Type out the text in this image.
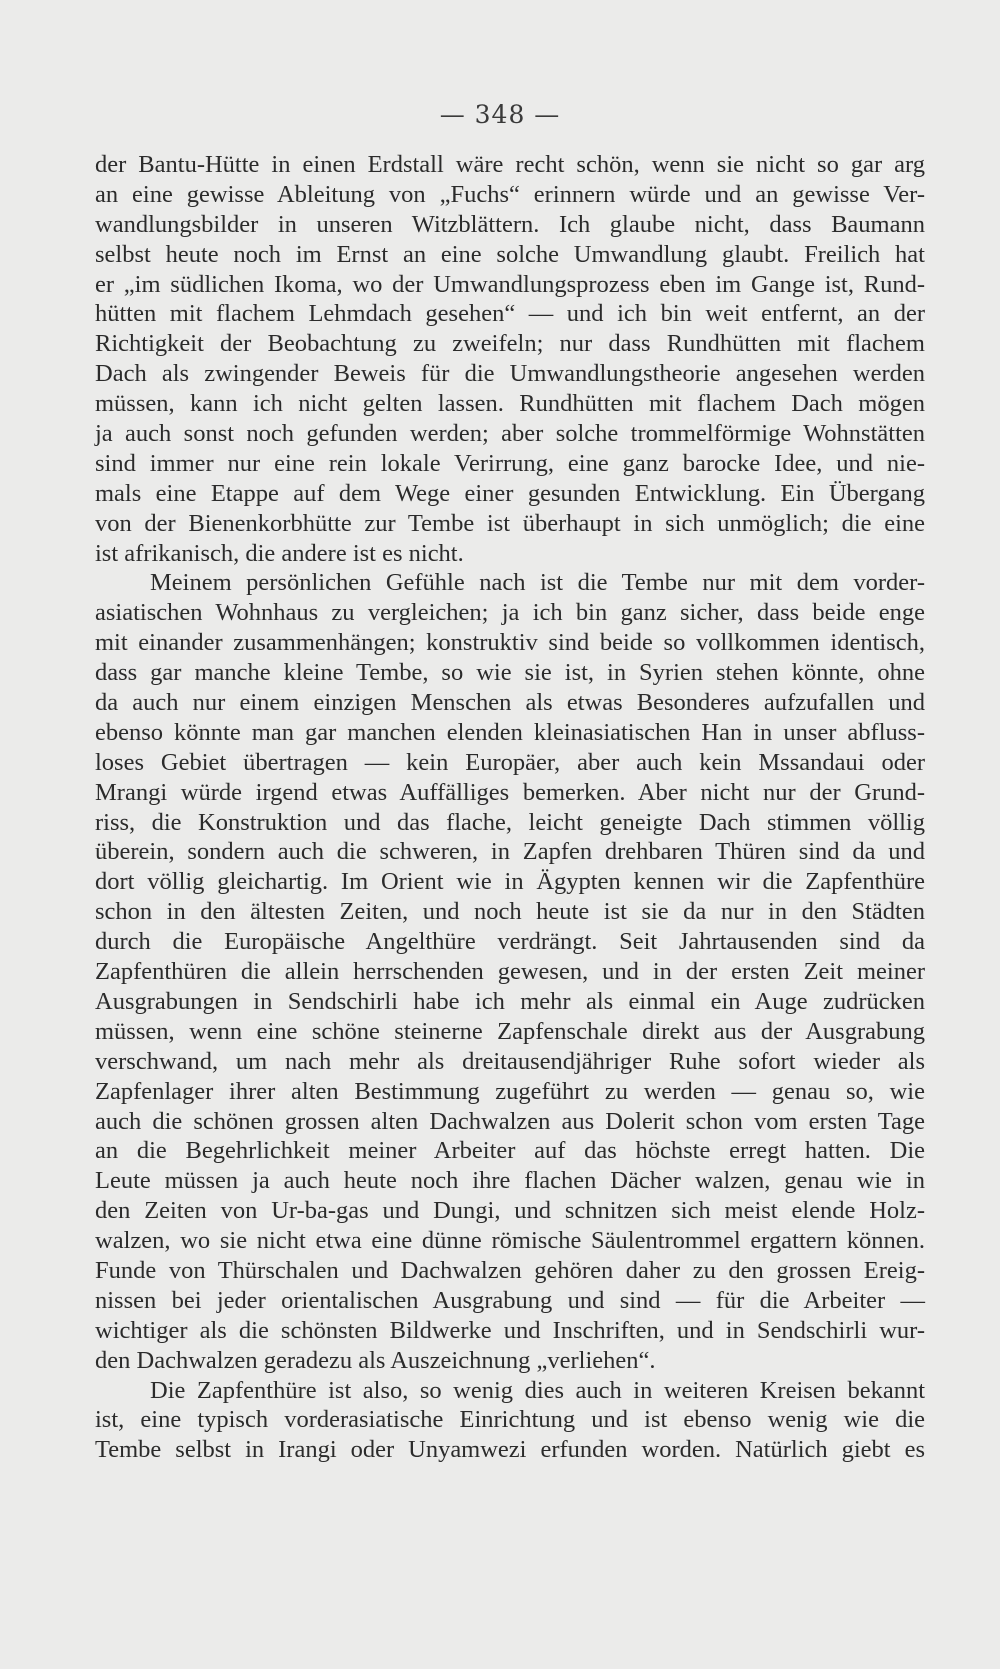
— 348 —
der Bantu-Hütte in einen Erdstall wäre recht schön, wenn sie nicht so gar arg
an eine gewisse Ableitung von „Fuchs“ erinnern würde und an gewisse Ver-
wandlungsbilder in unseren Witzblättern. Ich glaube nicht, dass Baumann
selbst heute noch im Ernst an eine solche Umwandlung glaubt. Freilich hat
er „im südlichen Ikoma, wo der Umwandlungsprozess eben im Gange ist, Rund-
hütten mit flachem Lehmdach gesehen“ — und ich bin weit entfernt, an der
Richtigkeit der Beobachtung zu zweifeln; nur dass Rundhütten mit flachem
Dach als zwingender Beweis für die Umwandlungstheorie angesehen werden
müssen, kann ich nicht gelten lassen. Rundhütten mit flachem Dach mögen
ja auch sonst noch gefunden werden; aber solche trommelförmige Wohnstätten
sind immer nur eine rein lokale Verirrung, eine ganz barocke Idee, und nie-
mals eine Etappe auf dem Wege einer gesunden Entwicklung. Ein Übergang
von der Bienenkorbhütte zur Tembe ist überhaupt in sich unmöglich; die eine
ist afrikanisch, die andere ist es nicht.
Meinem persönlichen Gefühle nach ist die Tembe nur mit dem vorder-
asiatischen Wohnhaus zu vergleichen; ja ich bin ganz sicher, dass beide enge
mit einander zusammenhängen; konstruktiv sind beide so vollkommen identisch,
dass gar manche kleine Tembe, so wie sie ist, in Syrien stehen könnte, ohne
da auch nur einem einzigen Menschen als etwas Besonderes aufzufallen und
ebenso könnte man gar manchen elenden kleinasiatischen Han in unser abfluss-
loses Gebiet übertragen — kein Europäer, aber auch kein Mssandaui oder
Mrangi würde irgend etwas Auffälliges bemerken. Aber nicht nur der Grund-
riss, die Konstruktion und das flache, leicht geneigte Dach stimmen völlig
überein, sondern auch die schweren, in Zapfen drehbaren Thüren sind da und
dort völlig gleichartig. Im Orient wie in Ägypten kennen wir die Zapfenthüre
schon in den ältesten Zeiten, und noch heute ist sie da nur in den Städten
durch die Europäische Angelthüre verdrängt. Seit Jahrtausenden sind da
Zapfenthüren die allein herrschenden gewesen, und in der ersten Zeit meiner
Ausgrabungen in Sendschirli habe ich mehr als einmal ein Auge zudrücken
müssen, wenn eine schöne steinerne Zapfenschale direkt aus der Ausgrabung
verschwand, um nach mehr als dreitausendjähriger Ruhe sofort wieder als
Zapfenlager ihrer alten Bestimmung zugeführt zu werden — genau so, wie
auch die schönen grossen alten Dachwalzen aus Dolerit schon vom ersten Tage
an die Begehrlichkeit meiner Arbeiter auf das höchste erregt hatten. Die
Leute müssen ja auch heute noch ihre flachen Dächer walzen, genau wie in
den Zeiten von Ur-ba-gas und Dungi, und schnitzen sich meist elende Holz-
walzen, wo sie nicht etwa eine dünne römische Säulentrommel ergattern können.
Funde von Thürschalen und Dachwalzen gehören daher zu den grossen Ereig-
nissen bei jeder orientalischen Ausgrabung und sind — für die Arbeiter —
wichtiger als die schönsten Bildwerke und Inschriften, und in Sendschirli wur-
den Dachwalzen geradezu als Auszeichnung „verliehen“.
Die Zapfenthüre ist also, so wenig dies auch in weiteren Kreisen bekannt
ist, eine typisch vorderasiatische Einrichtung und ist ebenso wenig wie die
Tembe selbst in Irangi oder Unyamwezi erfunden worden. Natürlich giebt es
